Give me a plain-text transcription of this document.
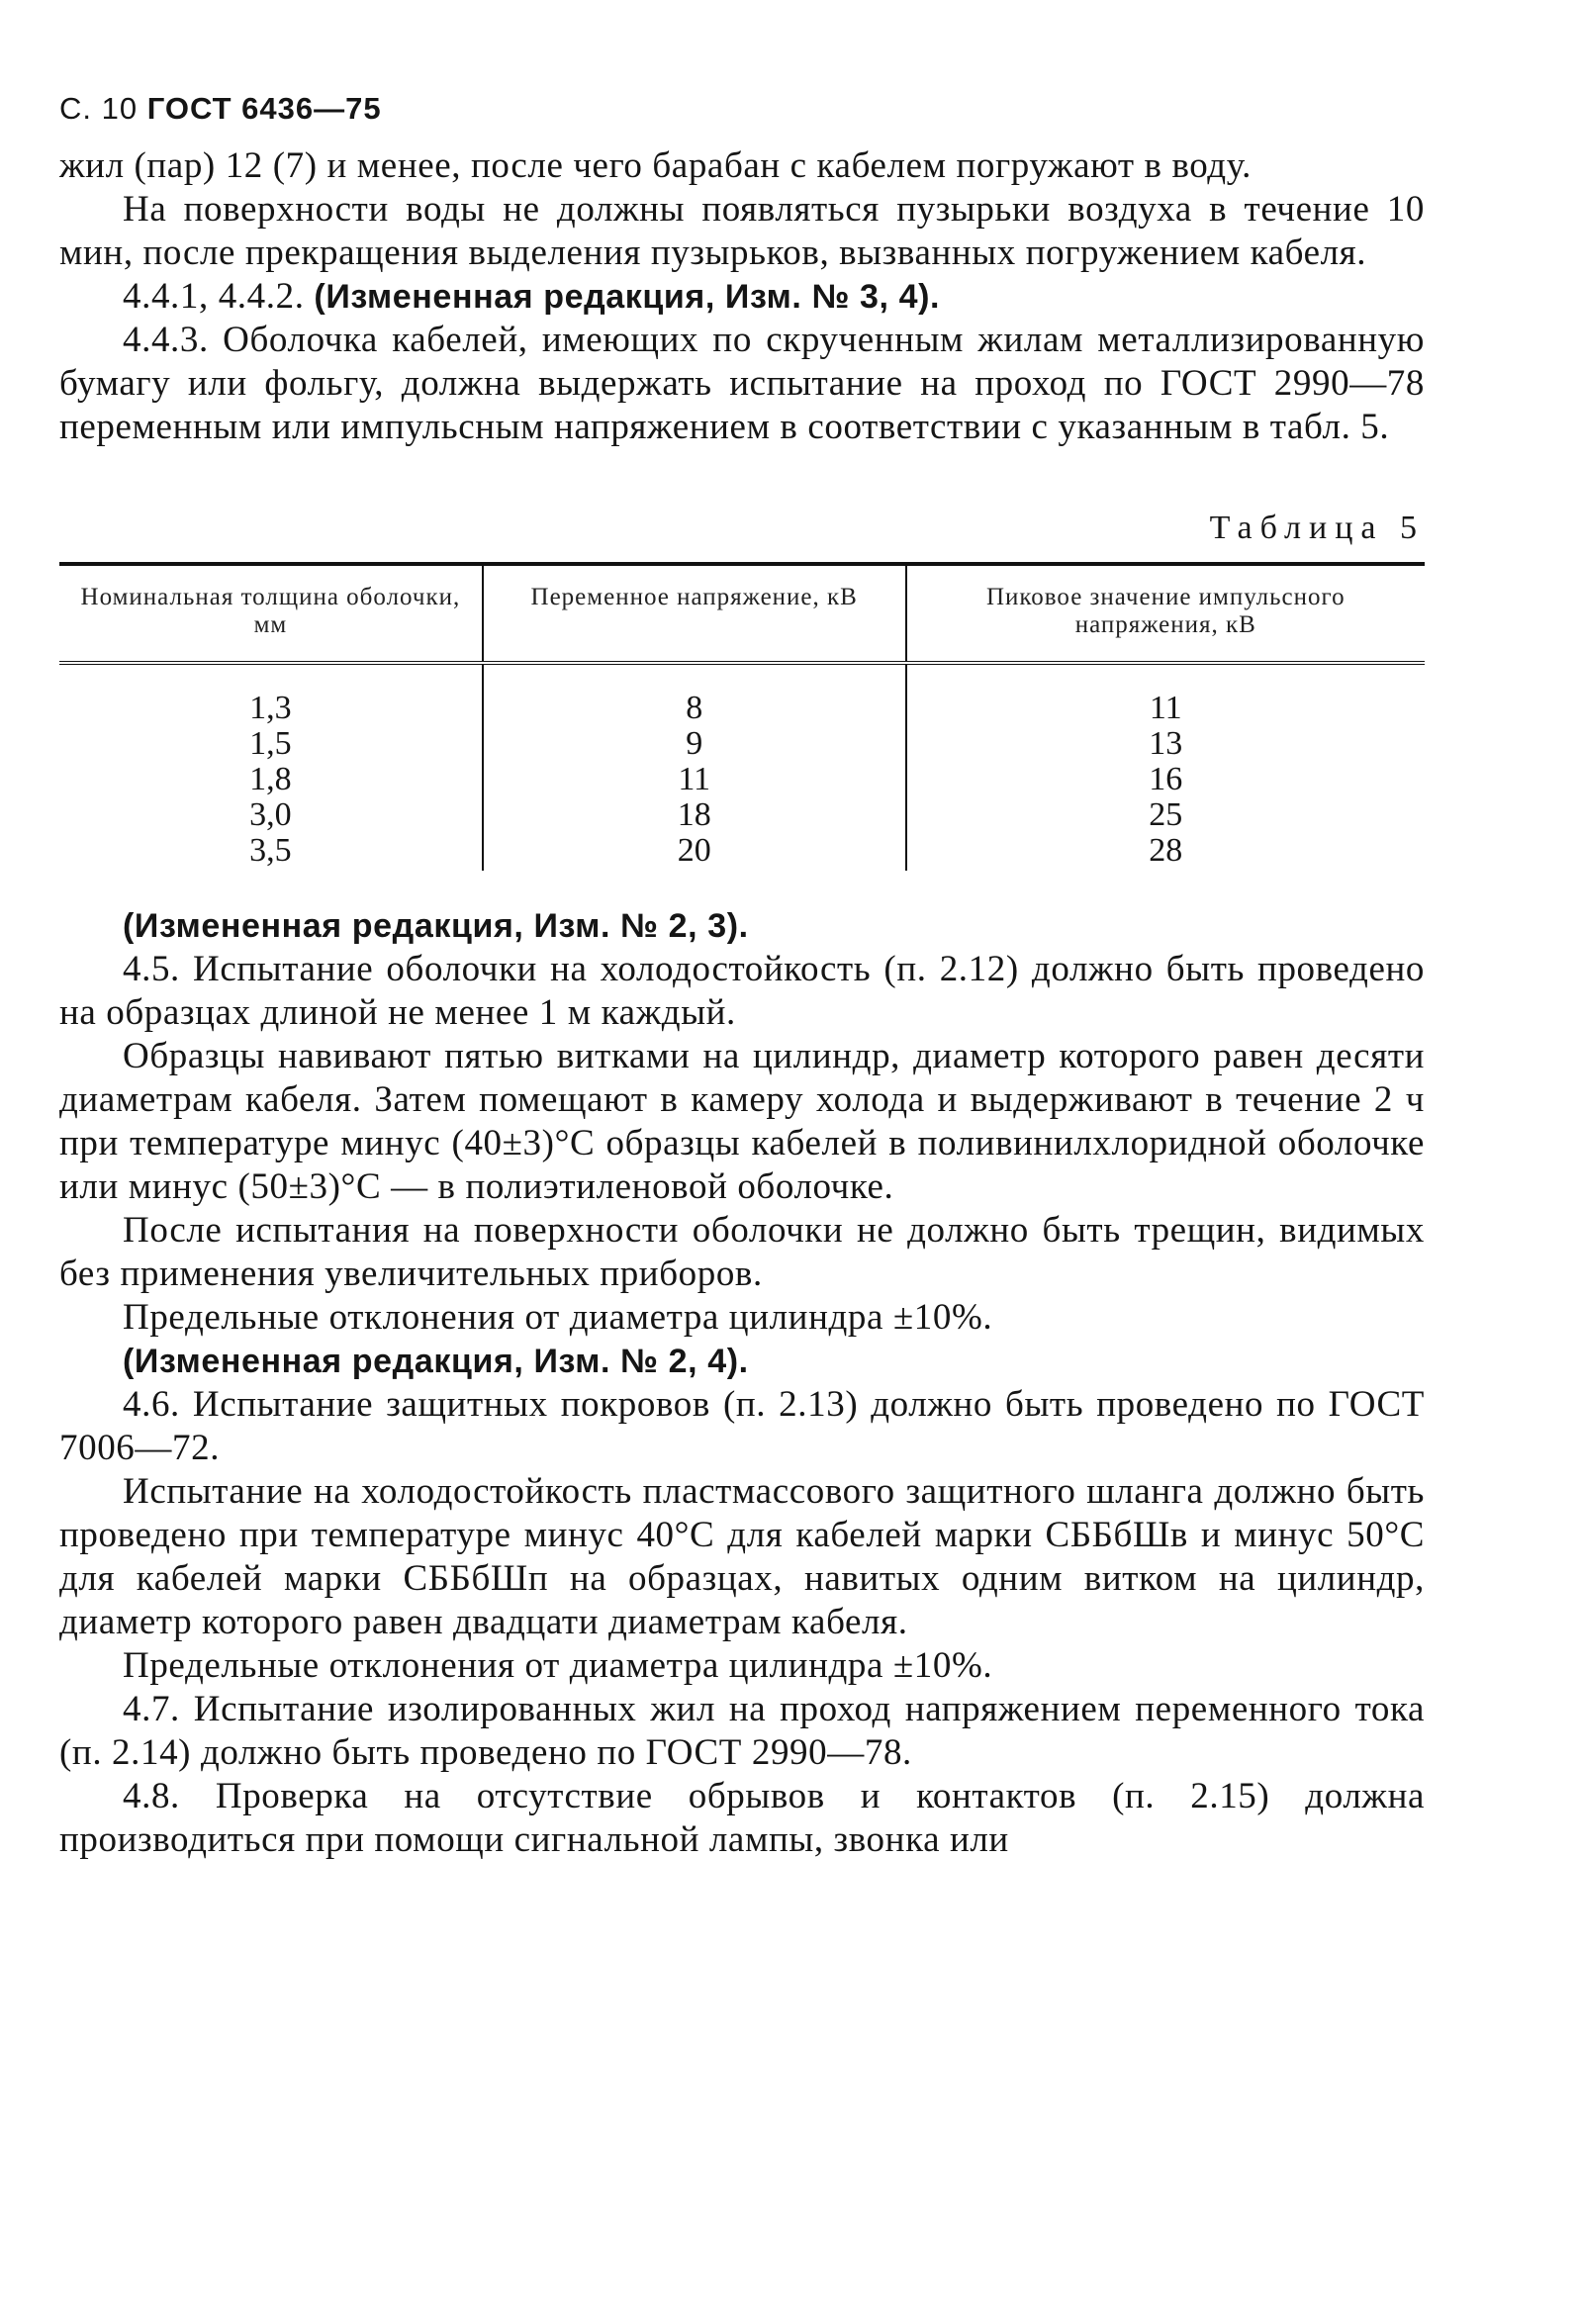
С. 10 ГОСТ 6436—75

жил (пар) 12 (7) и менее, после чего барабан с кабелем погружают в воду.

На поверхности воды не должны появляться пузырьки воздуха в течение 10 мин, после прекращения выделения пузырьков, вызванных погружением кабеля.

4.4.1, 4.4.2. (Измененная редакция, Изм. № 3, 4).

4.4.3. Оболочка кабелей, имеющих по скрученным жилам металлизированную бумагу или фольгу, должна выдержать испытание на проход по ГОСТ 2990—78 переменным или импульсным напряжением в соответствии с указанным в табл. 5.

Таблица 5
Номинальная толщина оболочки, мм	Переменное напряжение, кВ	Пиковое значение импульсного напряжения, кВ
1,3	8	11
1,5	9	13
1,8	11	16
3,0	18	25
3,5	20	28

(Измененная редакция, Изм. № 2, 3).

4.5. Испытание оболочки на холодостойкость (п. 2.12) должно быть проведено на образцах длиной не менее 1 м каждый.

Образцы навивают пятью витками на цилиндр, диаметр которого равен десяти диаметрам кабеля. Затем помещают в камеру холода и выдерживают в течение 2 ч при температуре минус (40±3)°С образцы кабелей в поливинилхлоридной оболочке или минус (50±3)°С — в полиэтиленовой оболочке.

После испытания на поверхности оболочки не должно быть трещин, видимых без применения увеличительных приборов.

Предельные отклонения от диаметра цилиндра ±10%.

(Измененная редакция, Изм. № 2, 4).

4.6. Испытание защитных покровов (п. 2.13) должно быть проведено по ГОСТ 7006—72.

Испытание на холодостойкость пластмассового защитного шланга должно быть проведено при температуре минус 40°С для кабелей марки СББбШв и минус 50°С для кабелей марки СББбШп на образцах, навитых одним витком на цилиндр, диаметр которого равен двадцати диаметрам кабеля.

Предельные отклонения от диаметра цилиндра ±10%.

4.7. Испытание изолированных жил на проход напряжением переменного тока (п. 2.14) должно быть проведено по ГОСТ 2990—78.

4.8. Проверка на отсутствие обрывов и контактов (п. 2.15) должна производиться при помощи сигнальной лампы, звонка или
